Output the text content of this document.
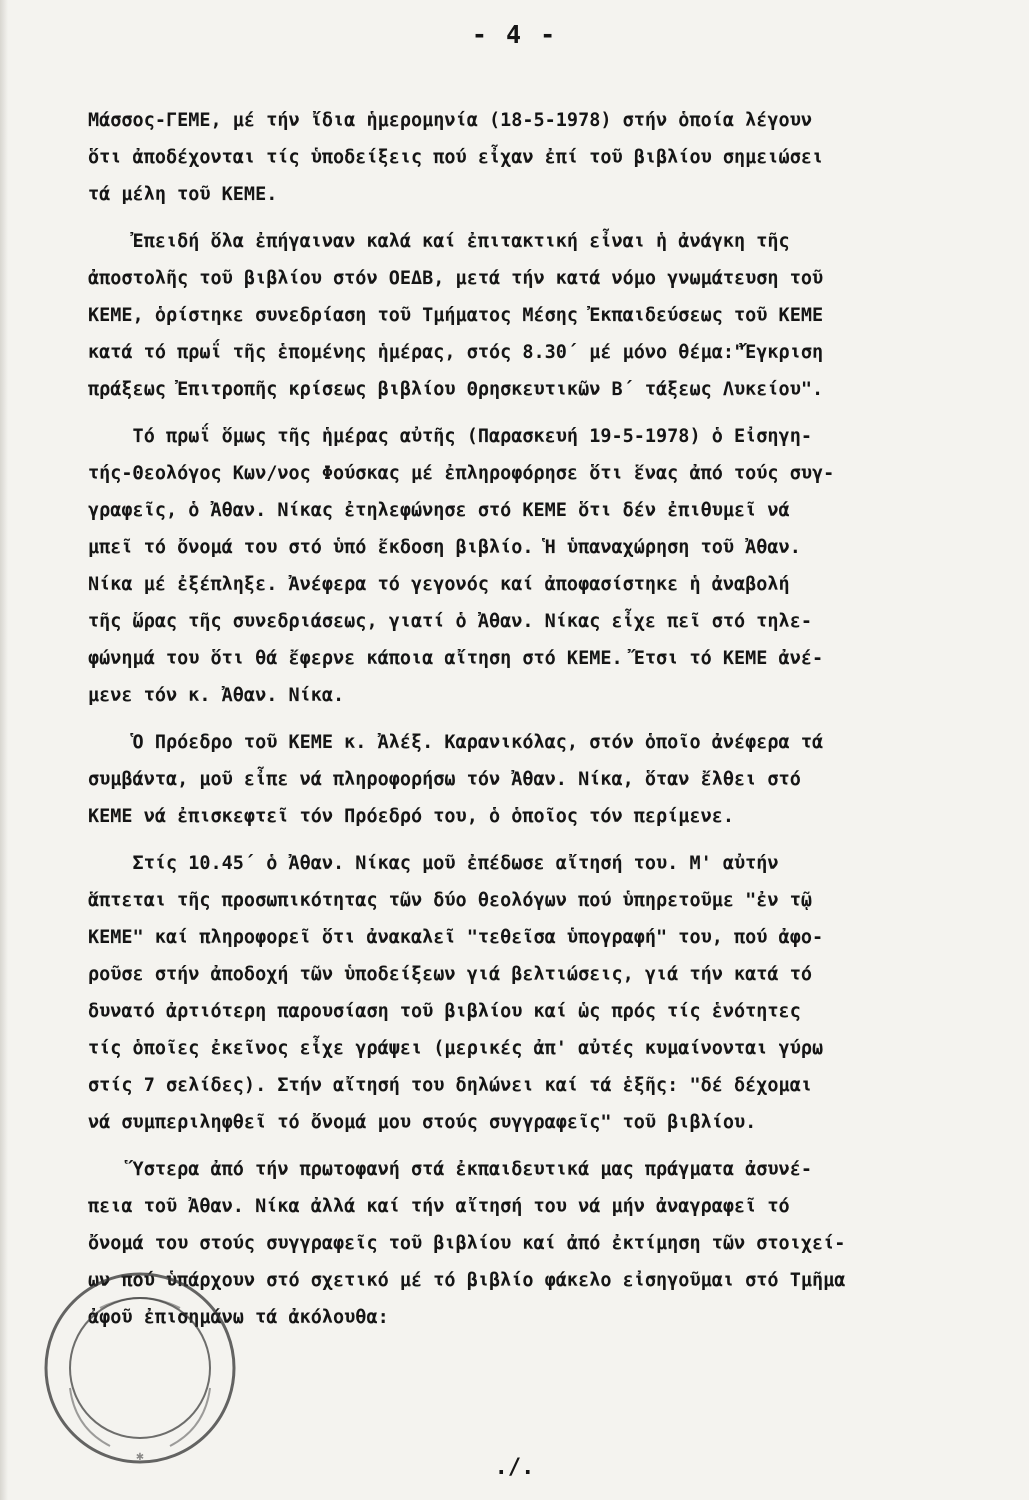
- 4 -
Μάσσος-ΓΕΜΕ, μέ τήν ἴδια ἡμερομηνία (18-5-1978) στήν ὁποία λέγουν
ὅτι ἀποδέχονται τίς ὑποδείξεις πού εἶχαν ἐπί τοῦ βιβλίου σημειώσει
τά μέλη τοῦ ΚΕΜΕ.
Ἐπειδή ὅλα ἐπήγαιναν καλά καί ἐπιτακτική εἶναι ἡ ἀνάγκη τῆς
ἀποστολῆς τοῦ βιβλίου στόν ΟΕΔΒ, μετά τήν κατά νόμο γνωμάτευση τοῦ
ΚΕΜΕ, ὁρίστηκε συνεδρίαση τοῦ Τμήματος Μέσης Ἐκπαιδεύσεως τοῦ ΚΕΜΕ
κατά τό πρωΐ τῆς ἑπομένης ἡμέρας, στός 8.30΄ μέ μόνο θέμα:"Ἔγκριση
πράξεως Ἐπιτροπῆς κρίσεως βιβλίου Θρησκευτικῶν Β΄ τάξεως Λυκείου".
Τό πρωΐ ὅμως τῆς ἡμέρας αὐτῆς (Παρασκευή 19-5-1978) ὁ Εἰσηγη-
τής-Θεολόγος Κων/νος Φούσκας μέ ἐπληροφόρησε ὅτι ἕνας ἀπό τούς συγ-
γραφεῖς, ὁ Ἀθαν. Νίκας ἐτηλεφώνησε στό ΚΕΜΕ ὅτι δέν ἐπιθυμεῖ νά
μπεῖ τό ὄνομά του στό ὑπό ἔκδοση βιβλίο. Ἡ ὑπαναχώρηση τοῦ Ἀθαν.
Νίκα μέ ἐξέπληξε. Ἀνέφερα τό γεγονός καί ἀποφασίστηκε ἡ ἀναβολή
τῆς ὥρας τῆς συνεδριάσεως, γιατί ὁ Ἀθαν. Νίκας εἶχε πεῖ στό τηλε-
φώνημά του ὅτι θά ἔφερνε κάποια αἴτηση στό ΚΕΜΕ. Ἔτσι τό ΚΕΜΕ ἀνέ-
μενε τόν κ. Ἀθαν. Νίκα.
Ὁ Πρόεδρο τοῦ ΚΕΜΕ κ. Ἀλέξ. Καρανικόλας, στόν ὁποῖο ἀνέφερα τά
συμβάντα, μοῦ εἶπε νά πληροφορήσω τόν Ἀθαν. Νίκα, ὅταν ἔλθει στό
ΚΕΜΕ νά ἐπισκεφτεῖ τόν Πρόεδρό του, ὁ ὁποῖος τόν περίμενε.
Στίς 10.45΄ ὁ Ἀθαν. Νίκας μοῦ ἐπέδωσε αἴτησή του. Μ' αὐτήν
ἅπτεται τῆς προσωπικότητας τῶν δύο θεολόγων πού ὑπηρετοῦμε "ἐν τῷ
ΚΕΜΕ" καί πληροφορεῖ ὅτι ἀνακαλεῖ "τεθεῖσα ὑπογραφή" του, πού ἀφο-
ροῦσε στήν ἀποδοχή τῶν ὑποδείξεων γιά βελτιώσεις, γιά τήν κατά τό
δυνατό ἀρτιότερη παρουσίαση τοῦ βιβλίου καί ὡς πρός τίς ἑνότητες
τίς ὁποῖες ἐκεῖνος εἶχε γράψει (μερικές ἀπ' αὐτές κυμαίνονται γύρω
στίς 7 σελίδες). Στήν αἴτησή του δηλώνει καί τά ἑξῆς: "δέ δέχομαι
νά συμπεριληφθεῖ τό ὄνομά μου στούς συγγραφεῖς" τοῦ βιβλίου.
Ὕστερα ἀπό τήν πρωτοφανή στά ἐκπαιδευτικά μας πράγματα ἀσυνέ-
πεια τοῦ Ἀθαν. Νίκα ἀλλά καί τήν αἴτησή του νά μήν ἀναγραφεῖ τό
ὄνομά του στούς συγγραφεῖς τοῦ βιβλίου καί ἀπό ἐκτίμηση τῶν στοιχεί-
ων πού ὑπάρχουν στό σχετικό μέ τό βιβλίο φάκελο εἰσηγοῦμαι στό Τμῆμα
ἀφοῦ ἐπισημάνω τά ἀκόλουθα:
./.
✱
